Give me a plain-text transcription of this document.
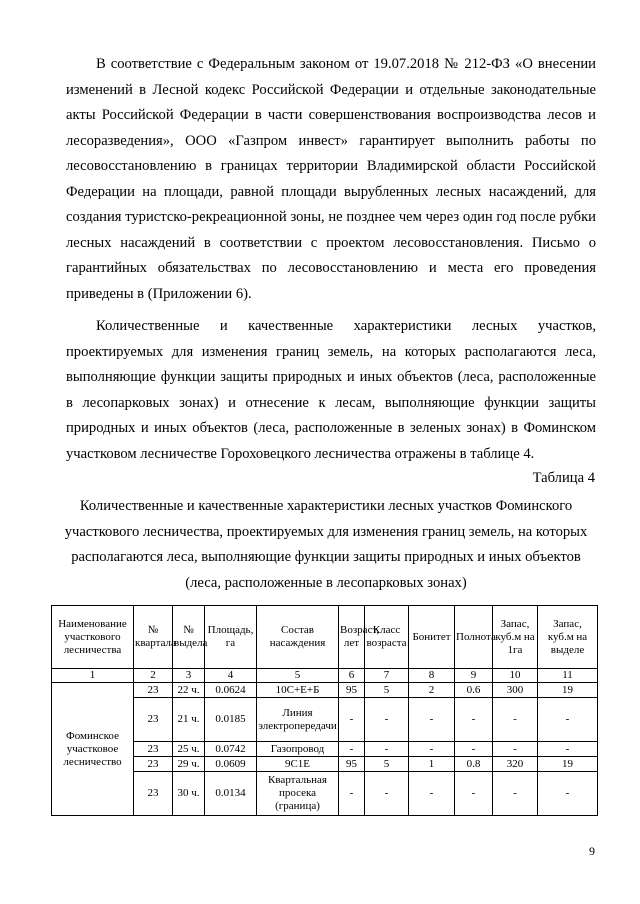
В соответствие с Федеральным законом от 19.07.2018 № 212-ФЗ «О внесении изменений в Лесной кодекс Российской Федерации и отдельные законодательные акты Российской Федерации в части совершенствования воспроизводства лесов и лесоразведения», ООО «Газпром инвест» гарантирует выполнить работы по лесовосстановлению в границах территории Владимирской области Российской Федерации на площади, равной площади вырубленных лесных насаждений, для создания туристско-рекреационной зоны, не позднее чем через один год после рубки лесных насаждений в соответствии с проектом лесовосстановления. Письмо о гарантийных обязательствах по лесовосстановлению и места его проведения приведены в (Приложении 6).

Количественные и качественные характеристики лесных участков, проектируемых для изменения границ земель, на которых располагаются леса, выполняющие функции защиты природных и иных объектов (леса, расположенные в лесопарковых зонах) и отнесение к лесам, выполняющие функции защиты природных и иных объектов (леса, расположенные в зеленых зонах) в Фоминском участковом лесничестве Гороховецкого лесничества отражены в таблице 4.

Таблица 4

Количественные и качественные характеристики лесных участков Фоминского участкового лесничества, проектируемых для изменения границ земель, на которых располагаются леса, выполняющие функции защиты природных и иных объектов (леса, расположенные в лесопарковых зонах)

Наименование участкового лесничества	№ квартала	№ выдела	Площадь, га	Состав насаждения	Возраст, лет	Класс возраста	Бонитет	Полнота	Запас, куб.м на 1га	Запас, куб.м на выделе
1	2	3	4	5	6	7	8	9	10	11
Фоминское участковое лесничество	23	22 ч.	0.0624	10С+Е+Б	95	5	2	0.6	300	19
	23	21 ч.	0.0185	Линия электропередачи	-	-	-	-	-	-
	23	25 ч.	0.0742	Газопровод	-	-	-	-	-	-
	23	29 ч.	0.0609	9С1Е	95	5	1	0.8	320	19
	23	30 ч.	0.0134	Квартальная просека (граница)	-	-	-	-	-	-
9
